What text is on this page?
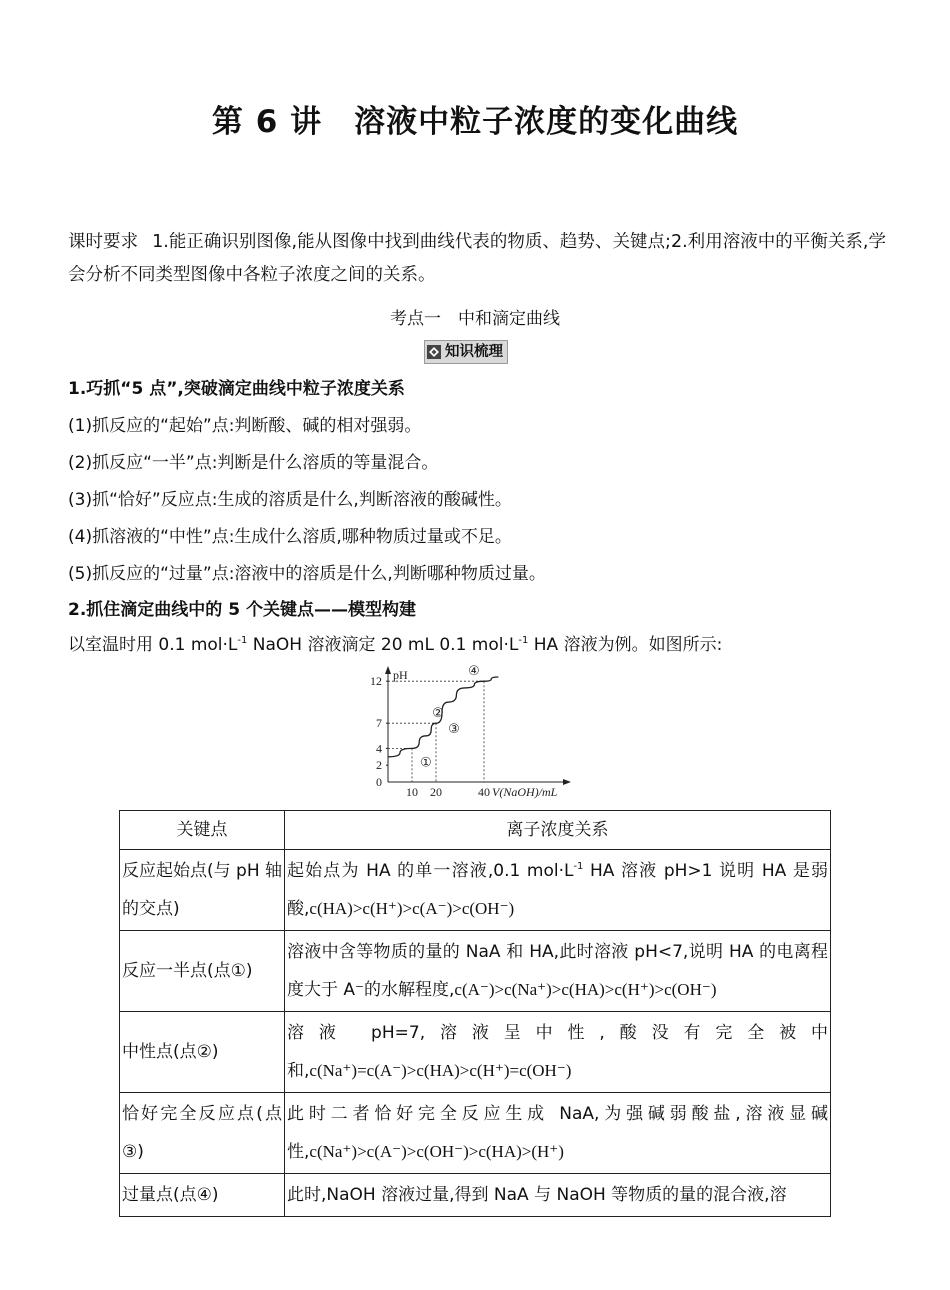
第 6 讲　溶液中粒子浓度的变化曲线
课时要求 1.能正确识别图像,能从图像中找到曲线代表的物质、趋势、关键点;2.利用溶液中的平衡关系,学会分析不同类型图像中各粒子浓度之间的关系。
考点一　中和滴定曲线
知识梳理
1.巧抓“5 点”,突破滴定曲线中粒子浓度关系
(1)抓反应的“起始”点:判断酸、碱的相对强弱。
(2)抓反应“一半”点:判断是什么溶质的等量混合。
(3)抓“恰好”反应点:生成的溶质是什么,判断溶液的酸碱性。
(4)抓溶液的“中性”点:生成什么溶质,哪种物质过量或不足。
(5)抓反应的“过量”点:溶液中的溶质是什么,判断哪种物质过量。
2.抓住滴定曲线中的 5 个关键点——模型构建
以室温时用 0.1 $mol\cdot L^{-1}$ NaOH 溶液滴定 20 mL 0.1 $mol\cdot L^{-1}$ HA 溶液为例。如图所示:
pH
V(NaOH)/mL
0
2
4
7
12
10 20	40
①
②
③
④
关键点	离子浓度关系
反应起始点(与 pH 轴的交点)	起始点为 HA 的单一溶液,0.1 $mol\cdot L^{-1}$ HA 溶液 pH>1 说明 HA 是弱酸,c(HA)>c(H⁺)>c(A⁻)>c(OH⁻)
反应一半点(点①)	溶液中含等物质的量的 NaA 和 HA,此时溶液 pH<7,说明 HA 的电离程度大于 A⁻的水解程度,c(A⁻)>c(Na⁺)>c(HA)>c(H⁺)>c(OH⁻)
中性点(点②)	溶液 pH=7,溶液呈中性,酸没有完全被中和,c(Na⁺)=c(A⁻)>c(HA)>c(H⁺)=c(OH⁻)
恰好完全反应点(点③)	此时二者恰好完全反应生成 NaA,为强碱弱酸盐,溶液显碱性,c(Na⁺)>c(A⁻)>c(OH⁻)>c(HA)>(H⁺)
过量点(点④)	此时,NaOH 溶液过量,得到 NaA 与 NaOH 等物质的量的混合液,溶
